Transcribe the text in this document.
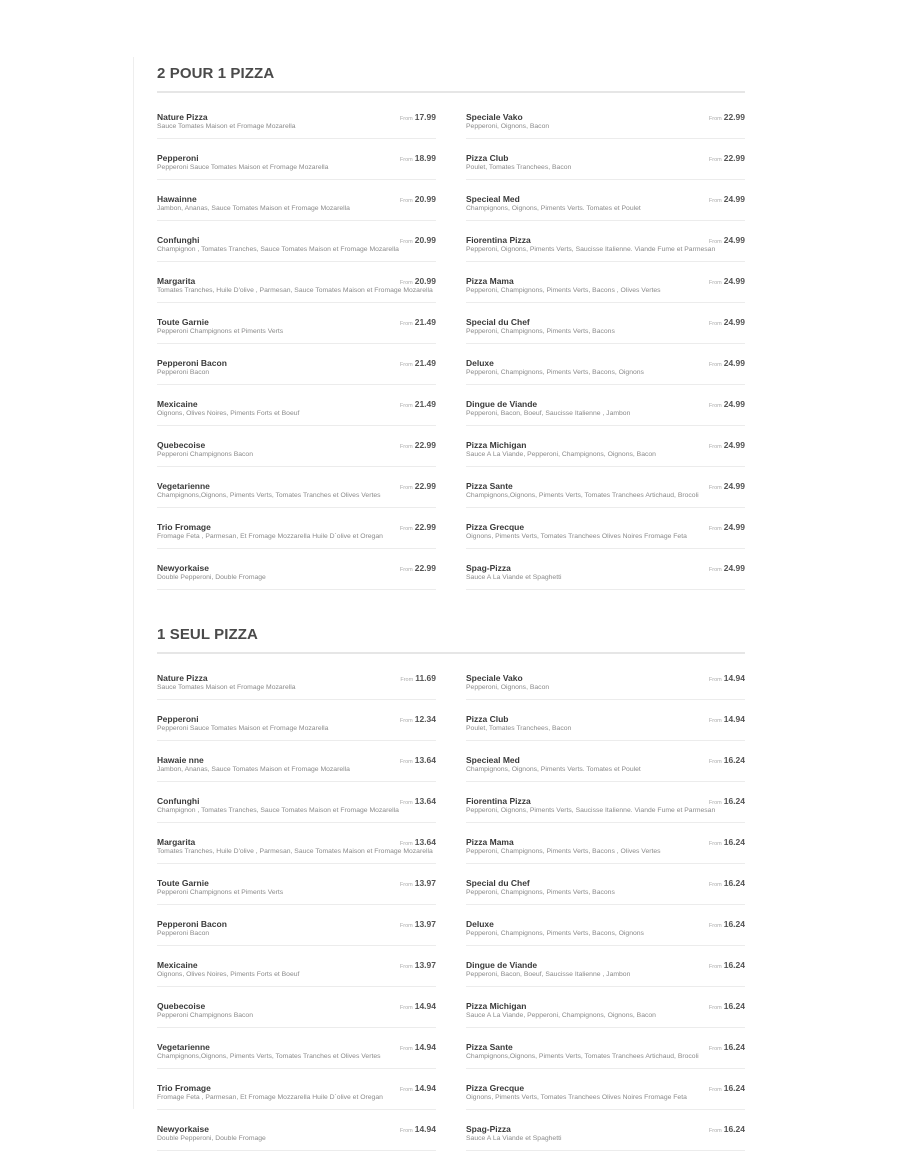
2 POUR 1 PIZZA
Nature Pizza	From 17.99
Sauce Tomates Maison et Fromage Mozarella
Pepperoni	From 18.99
Pepperoni Sauce Tomates Maison et Fromage Mozarella
Hawainne	From 20.99
Jambon, Ananas, Sauce Tomates Maison et Fromage Mozarella
Confunghi	From 20.99
Champignon , Tomates Tranches, Sauce Tomates Maison et Fromage Mozarella
Margarita	From 20.99
Tomates Tranches, Huile D'olive , Parmesan, Sauce Tomates Maison et Fromage Mozarella
Toute Garnie	From 21.49
Pepperoni Champignons et Piments Verts
Pepperoni Bacon	From 21.49
Pepperoni Bacon
Mexicaine	From 21.49
Oignons, Olives Noires, Piments Forts et Boeuf
Quebecoise	From 22.99
Pepperoni Champignons Bacon
Vegetarienne	From 22.99
Champignons,Oignons, Piments Verts, Tomates Tranches et Olives Vertes
Trio Fromage	From 22.99
Fromage Feta , Parmesan, Et Fromage Mozzarella Huile D`olive et Oregan
Newyorkaise	From 22.99
Double Pepperoni, Double Fromage
Speciale Vako	From 22.99
Pepperoni, Oignons, Bacon
Pizza Club	From 22.99
Poulet, Tomates Tranchees, Bacon
Specieal Med	From 24.99
Champignons, Oignons, Piments Verts. Tomates et Poulet
Fiorentina Pizza	From 24.99
Pepperoni, Oignons, Piments Verts, Saucisse Italienne. Viande Fume et Parmesan
Pizza Mama	From 24.99
Pepperoni, Champignons, Piments Verts, Bacons , Olives Vertes
Special du Chef	From 24.99
Pepperoni, Champignons, Piments Verts, Bacons
Deluxe	From 24.99
Pepperoni, Champignons, Piments Verts, Bacons, Oignons
Dingue de Viande	From 24.99
Pepperoni, Bacon, Boeuf, Saucisse Italienne , Jambon
Pizza Michigan	From 24.99
Sauce A La Viande, Pepperoni, Champignons, Oignons, Bacon
Pizza Sante	From 24.99
Champignons,Oignons, Piments Verts, Tomates Tranchees Artichaud, Brocoli
Pizza Grecque	From 24.99
Oignons, Piments Verts, Tomates Tranchees Olives Noires Fromage Feta
Spag-Pizza	From 24.99
Sauce A La Viande et Spaghetti
1 SEUL PIZZA
Nature Pizza	From 11.69
Sauce Tomates Maison et Fromage Mozarella
Pepperoni	From 12.34
Pepperoni Sauce Tomates Maison et Fromage Mozarella
Hawaie nne	From 13.64
Jambon, Ananas, Sauce Tomates Maison et Fromage Mozarella
Confunghi	From 13.64
Champignon , Tomates Tranches, Sauce Tomates Maison et Fromage Mozarella
Margarita	From 13.64
Tomates Tranches, Huile D'olive , Parmesan, Sauce Tomates Maison et Fromage Mozarella
Toute Garnie	From 13.97
Pepperoni Champignons et Piments Verts
Pepperoni Bacon	From 13.97
Pepperoni Bacon
Mexicaine	From 13.97
Oignons, Olives Noires, Piments Forts et Boeuf
Quebecoise	From 14.94
Pepperoni Champignons Bacon
Vegetarienne	From 14.94
Champignons,Oignons, Piments Verts, Tomates Tranches et Olives Vertes
Trio Fromage	From 14.94
Fromage Feta , Parmesan, Et Fromage Mozzarella Huile D`olive et Oregan
Newyorkaise	From 14.94
Double Pepperoni, Double Fromage
Speciale Vako	From 14.94
Pepperoni, Oignons, Bacon
Pizza Club	From 14.94
Poulet, Tomates Tranchees, Bacon
Specieal Med	From 16.24
Champignons, Oignons, Piments Verts. Tomates et Poulet
Fiorentina Pizza	From 16.24
Pepperoni, Oignons, Piments Verts, Saucisse Italienne. Viande Fume et Parmesan
Pizza Mama	From 16.24
Pepperoni, Champignons, Piments Verts, Bacons , Olives Vertes
Special du Chef	From 16.24
Pepperoni, Champignons, Piments Verts, Bacons
Deluxe	From 16.24
Pepperoni, Champignons, Piments Verts, Bacons, Oignons
Dingue de Viande	From 16.24
Pepperoni, Bacon, Boeuf, Saucisse Italienne , Jambon
Pizza Michigan	From 16.24
Sauce A La Viande, Pepperoni, Champignons, Oignons, Bacon
Pizza Sante	From 16.24
Champignons,Oignons, Piments Verts, Tomates Tranchees Artichaud, Brocoli
Pizza Grecque	From 16.24
Oignons, Piments Verts, Tomates Tranchees Olives Noires Fromage Feta
Spag-Pizza	From 16.24
Sauce A La Viande et Spaghetti
